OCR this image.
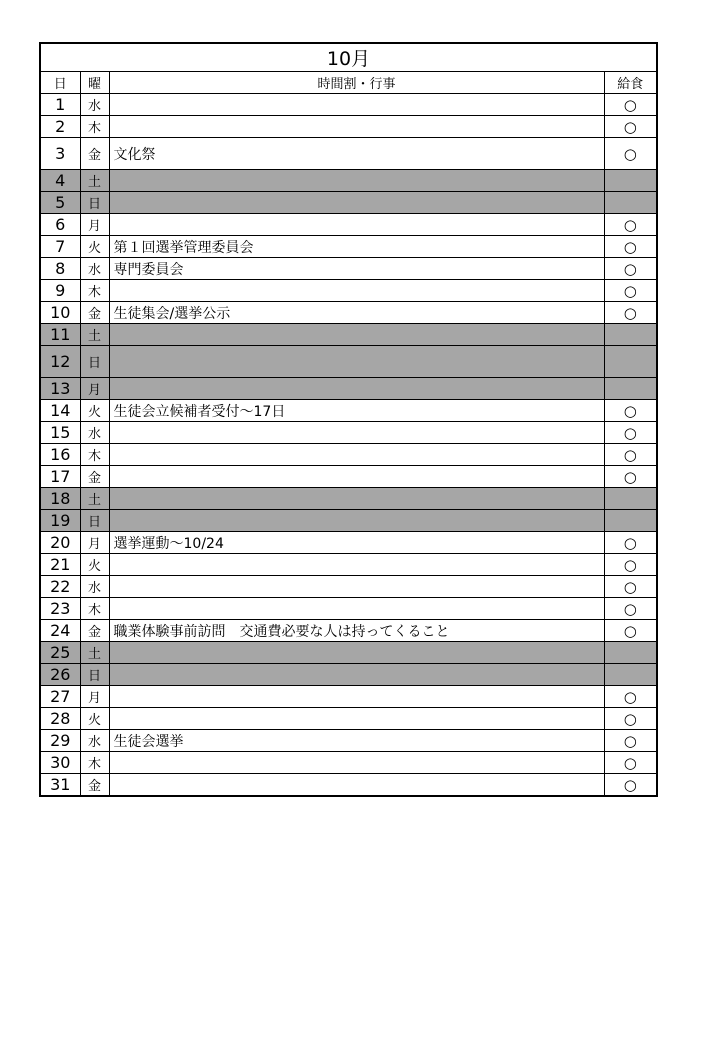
10月			
日	曜	時間割・行事	給食
1	水		○
2	木		○
3	金	文化祭	○
4	土		
5	日		
6	月		○
7	火	第１回選挙管理委員会	○
8	水	専門委員会	○
9	木		○
10	金	生徒集会/選挙公示	○
11	土		
12	日		
13	月		
14	火	生徒会立候補者受付～17日	○
15	水		○
16	木		○
17	金		○
18	土		
19	日		
20	月	選挙運動～10/24	○
21	火		○
22	水		○
23	木		○
24	金	職業体験事前訪問　交通費必要な人は持ってくること	○
25	土		
26	日		
27	月		○
28	火		○
29	水	生徒会選挙	○
30	木		○
31	金		○
